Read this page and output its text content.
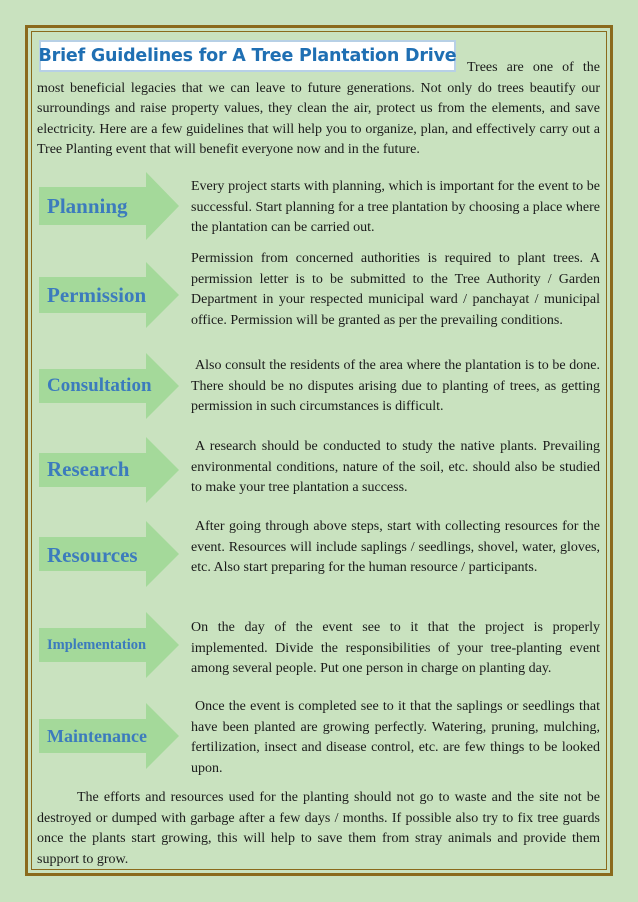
Trees are one of the most beneficial legacies that we can leave to future generations. Not only do trees beautify our surroundings and raise property values, they clean the air, protect us from the elements, and save electricity. Here are a few guidelines that will help you to organize, plan, and effectively carry out a Tree Planting event that will benefit everyone now and in the future.

Brief Guidelines for A Tree Plantation Drive
Planning

Every project starts with planning, which is important for the event to be successful. Start planning for a tree plantation by choosing a place where the plantation can be carried out.

Permission

Permission from concerned authorities is required to plant trees. A permission letter is to be submitted to the Tree Authority / Garden Department in your respected municipal ward / panchayat / municipal office. Permission will be granted as per the prevailing conditions.

Consultation

Also consult the residents of the area where the plantation is to be done. There should be no disputes arising due to planting of trees, as getting permission in such circumstances is difficult.

Research

A research should be conducted to study the native plants. Prevailing environmental conditions, nature of the soil, etc. should also be studied to make your tree plantation a success.

Resources

After going through above steps, start with collecting resources for the event. Resources will include saplings / seedlings, shovel, water, gloves, etc. Also start preparing for the human resource / participants.

Implementation

On the day of the event see to it that the project is properly implemented. Divide the responsibilities of your tree-planting event among several people. Put one person in charge on planting day.

Maintenance

Once the event is completed see to it that the saplings or seedlings that have been planted are growing perfectly. Watering, pruning, mulching, fertilization, insect and disease control, etc. are few things to be looked upon.

The efforts and resources used for the planting should not go to waste and the site not be destroyed or dumped with garbage after a few days / months. If possible also try to fix tree guards once the plants start growing, this will help to save them from stray animals and provide them support to grow.
